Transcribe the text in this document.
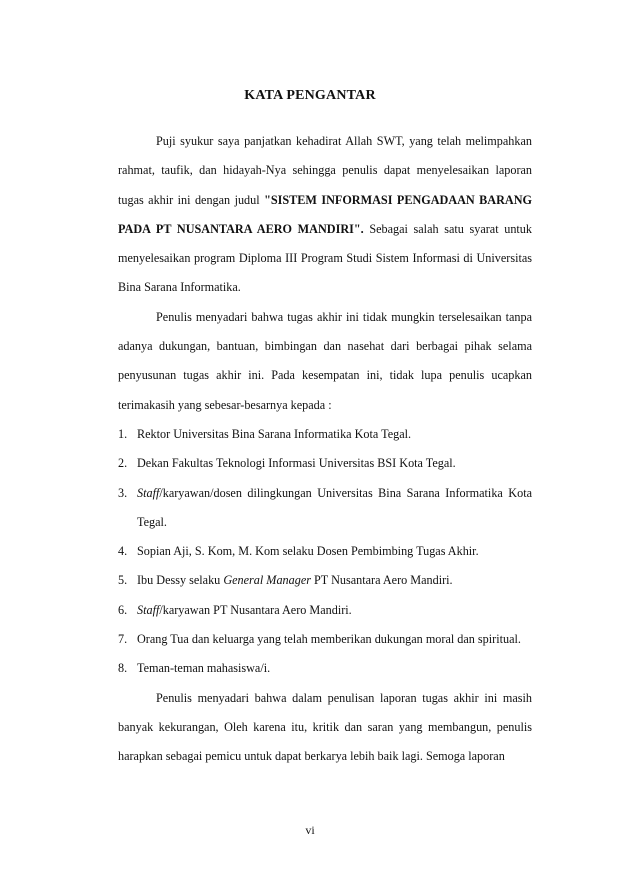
KATA PENGANTAR

Puji syukur saya panjatkan kehadirat Allah SWT, yang telah melimpahkan rahmat, taufik, dan hidayah-Nya sehingga penulis dapat menyelesaikan laporan tugas akhir ini dengan judul "SISTEM INFORMASI PENGADAAN BARANG PADA PT NUSANTARA AERO MANDIRI". Sebagai salah satu syarat untuk menyelesaikan program Diploma III Program Studi Sistem Informasi di Universitas Bina Sarana Informatika.

Penulis menyadari bahwa tugas akhir ini tidak mungkin terselesaikan tanpa adanya dukungan, bantuan, bimbingan dan nasehat dari berbagai pihak selama penyusunan tugas akhir ini. Pada kesempatan ini, tidak lupa penulis ucapkan terimakasih yang sebesar-besarnya kepada :

1. Rektor Universitas Bina Sarana Informatika Kota Tegal.
2. Dekan Fakultas Teknologi Informasi Universitas BSI Kota Tegal.
3. Staff/karyawan/dosen dilingkungan Universitas Bina Sarana Informatika Kota Tegal.
4. Sopian Aji, S. Kom, M. Kom selaku Dosen Pembimbing Tugas Akhir.
5. Ibu Dessy selaku General Manager PT Nusantara Aero Mandiri.
6. Staff/karyawan PT Nusantara Aero Mandiri.
7. Orang Tua dan keluarga yang telah memberikan dukungan moral dan spiritual.
8. Teman-teman mahasiswa/i.

Penulis menyadari bahwa dalam penulisan laporan tugas akhir ini masih banyak kekurangan, Oleh karena itu, kritik dan saran yang membangun, penulis harapkan sebagai pemicu untuk dapat berkarya lebih baik lagi. Semoga laporan

vi
